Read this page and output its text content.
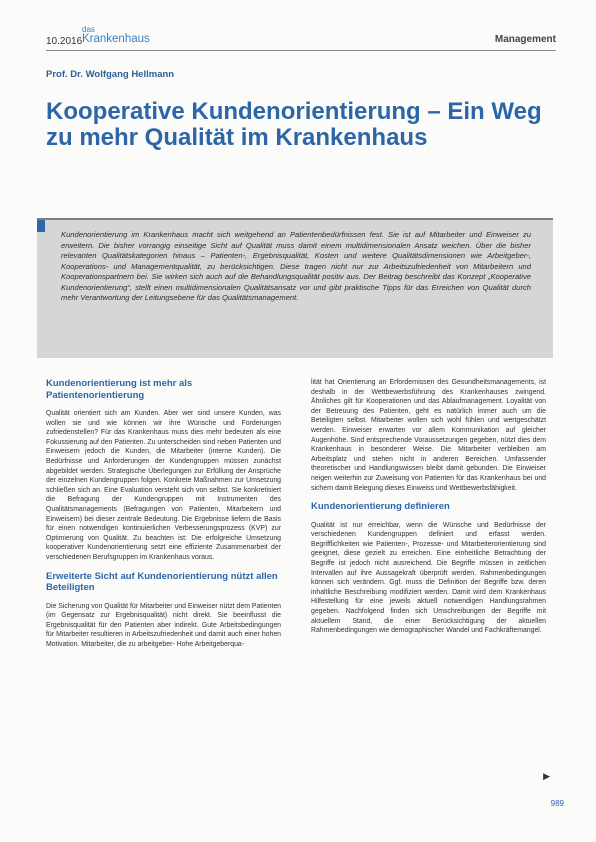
10.2016
das
Krankenhaus	Management
Prof. Dr. Wolfgang Hellmann
Kooperative Kundenorientierung – Ein Weg zu mehr Qualität im Krankenhaus
Kundenorientierung im Krankenhaus macht sich weitgehend an Patientenbedürfnissen fest. Sie ist auf Mitarbeiter und Einweiser zu erweitern. Die bisher vorrangig einseitige Sicht auf Qualität muss damit einem multidimensionalen Ansatz weichen. Über die bisher relevanten Qualitätskategorien hinaus – Patienten-, Ergebnisqualität, Kosten und weitere Qualitätsdimensionen wie Arbeitgeber-, Kooperations- und Managementqualität, zu berücksichtigen. Diese tragen nicht nur zur Arbeitszufriedenheit von Mitarbeitern und Kooperationspartnern bei. Sie wirken sich auch auf die Behandlungsqualität positiv aus. Der Beitrag beschreibt das Konzept „Kooperative Kundenorientierung“, stellt einen multidimensionalen Qualitätsansatz vor und gibt praktische Tipps für das Erreichen von Qualität durch mehr Verantwortung der Leitungsebene für das Qualitätsmanagement.
Kundenorientierung ist mehr als Patientenorientierung

Qualität orientiert sich am Kunden. Aber wer sind unsere Kunden, was wollen sie und wie können wir ihre Wünsche und Forderungen zufriedenstellen? Für das Krankenhaus muss dies mehr bedeuten als eine Fokussierung auf den Patienten. Zu unterscheiden sind neben Patienten und Einweisern jedoch die Kunden, die Mitarbeiter (interne Kunden). Die Bedürfnisse und Anforderungen der Kundengruppen müssen zunächst abgebildet werden. Strategische Überlegungen zur Erfüllung der Ansprüche der einzelnen Kundengruppen folgen. Konkrete Maßnahmen zur Umsetzung schließen sich an. Eine Evaluation versteht sich von selbst. Sie konkretisiert die Befragung der Kundengruppen mit Instrumenten des Qualitätsmanagements (Befragungen von Patienten, Mitarbeitern und Einweisern) bei dieser zentrale Bedeutung. Die Ergebnisse liefern die Basis für einen notwendigen kontinuierlichen Verbesserungsprozess (KVP) zur Optimierung von Qualität. Zu beachten ist: Die erfolgreiche Umsetzung kooperativer Kundenorientierung setzt eine effiziente Zusammenarbeit der verschiedenen Berufsgruppen im Krankenhaus voraus.

Erweiterte Sicht auf Kundenorientierung nützt allen Beteiligten

Die Sicherung von Qualität für Mitarbeiter und Einweiser nützt dem Patienten (im Gegensatz zur Ergebnisqualität) nicht direkt. Sie beeinflusst die Ergebnisqualität für den Patienten aber indirekt. Gute Arbeitsbedingungen für Mitarbeiter resultieren in Arbeitszufriedenheit und damit auch einer hohen Motivation. Mitarbeiter, die zu arbeitgeber- Hohe Arbeitgeberqua-

lität hat Orientierung an Erfordernissen des Gesundheitsmanagements, ist deshalb in der Wettbewerbsführung des Krankenhauses zwingend. Ähnliches gilt für Kooperationen und das Ablaufmanagement. Loyalität von der Betreuung des Patienten, geht es natürlich immer auch um die Beteiligten selbst. Mitarbeiter wollen sich wohl fühlen und wertgeschätzt werden. Einweiser erwarten vor allem Kommunikation auf gleicher Augenhöhe. Sind entsprechende Voraussetzungen gegeben, nützt dies dem Krankenhaus in besonderer Weise. Die Mitarbeiter verbleiben am Arbeitsplatz und stehen nicht in anderen Bereichen. Umfassender theoretischer und Handlungswissen bleibt damit gebunden. Die Einweiser neigen weiterhin zur Zuweisung von Patienten für das Krankenhaus bei und sichern damit Belegung dieses Einweiss und Wettbewerbsfähigkeit.

Kundenorientierung definieren

Qualität ist nur erreichbar, wenn die Wünsche und Bedürfnisse der verschiedenen Kundengruppen definiert und erfasst werden. Begrifflichkeiten wie Patienten-, Prozesse- und Mitarbeiterorientierung sind geeignet, diese gezielt zu erreichen. Eine einheitliche Betrachtung der Begriffe ist jedoch nicht ausreichend. Die Begriffe müssen in zeitlichen Intervallen auf ihre Aussagekraft überprüft werden. Rahmenbedingungen können sich verändern. Ggf. muss die Definition der Begriffe bzw. deren inhaltliche Beschreibung modifiziert werden. Damit wird dem Krankenhaus Hilfestellung für eine jeweils aktuell notwendigen Handlungsrahmen gegeben. Nachfolgend finden sich Umschreibungen der Begriffe mit aktuellem Stand, die einer Berücksichtigung der aktuellen Rahmenbedingungen wie demographischer Wandel und Fachkräftemangel.

▶
989
